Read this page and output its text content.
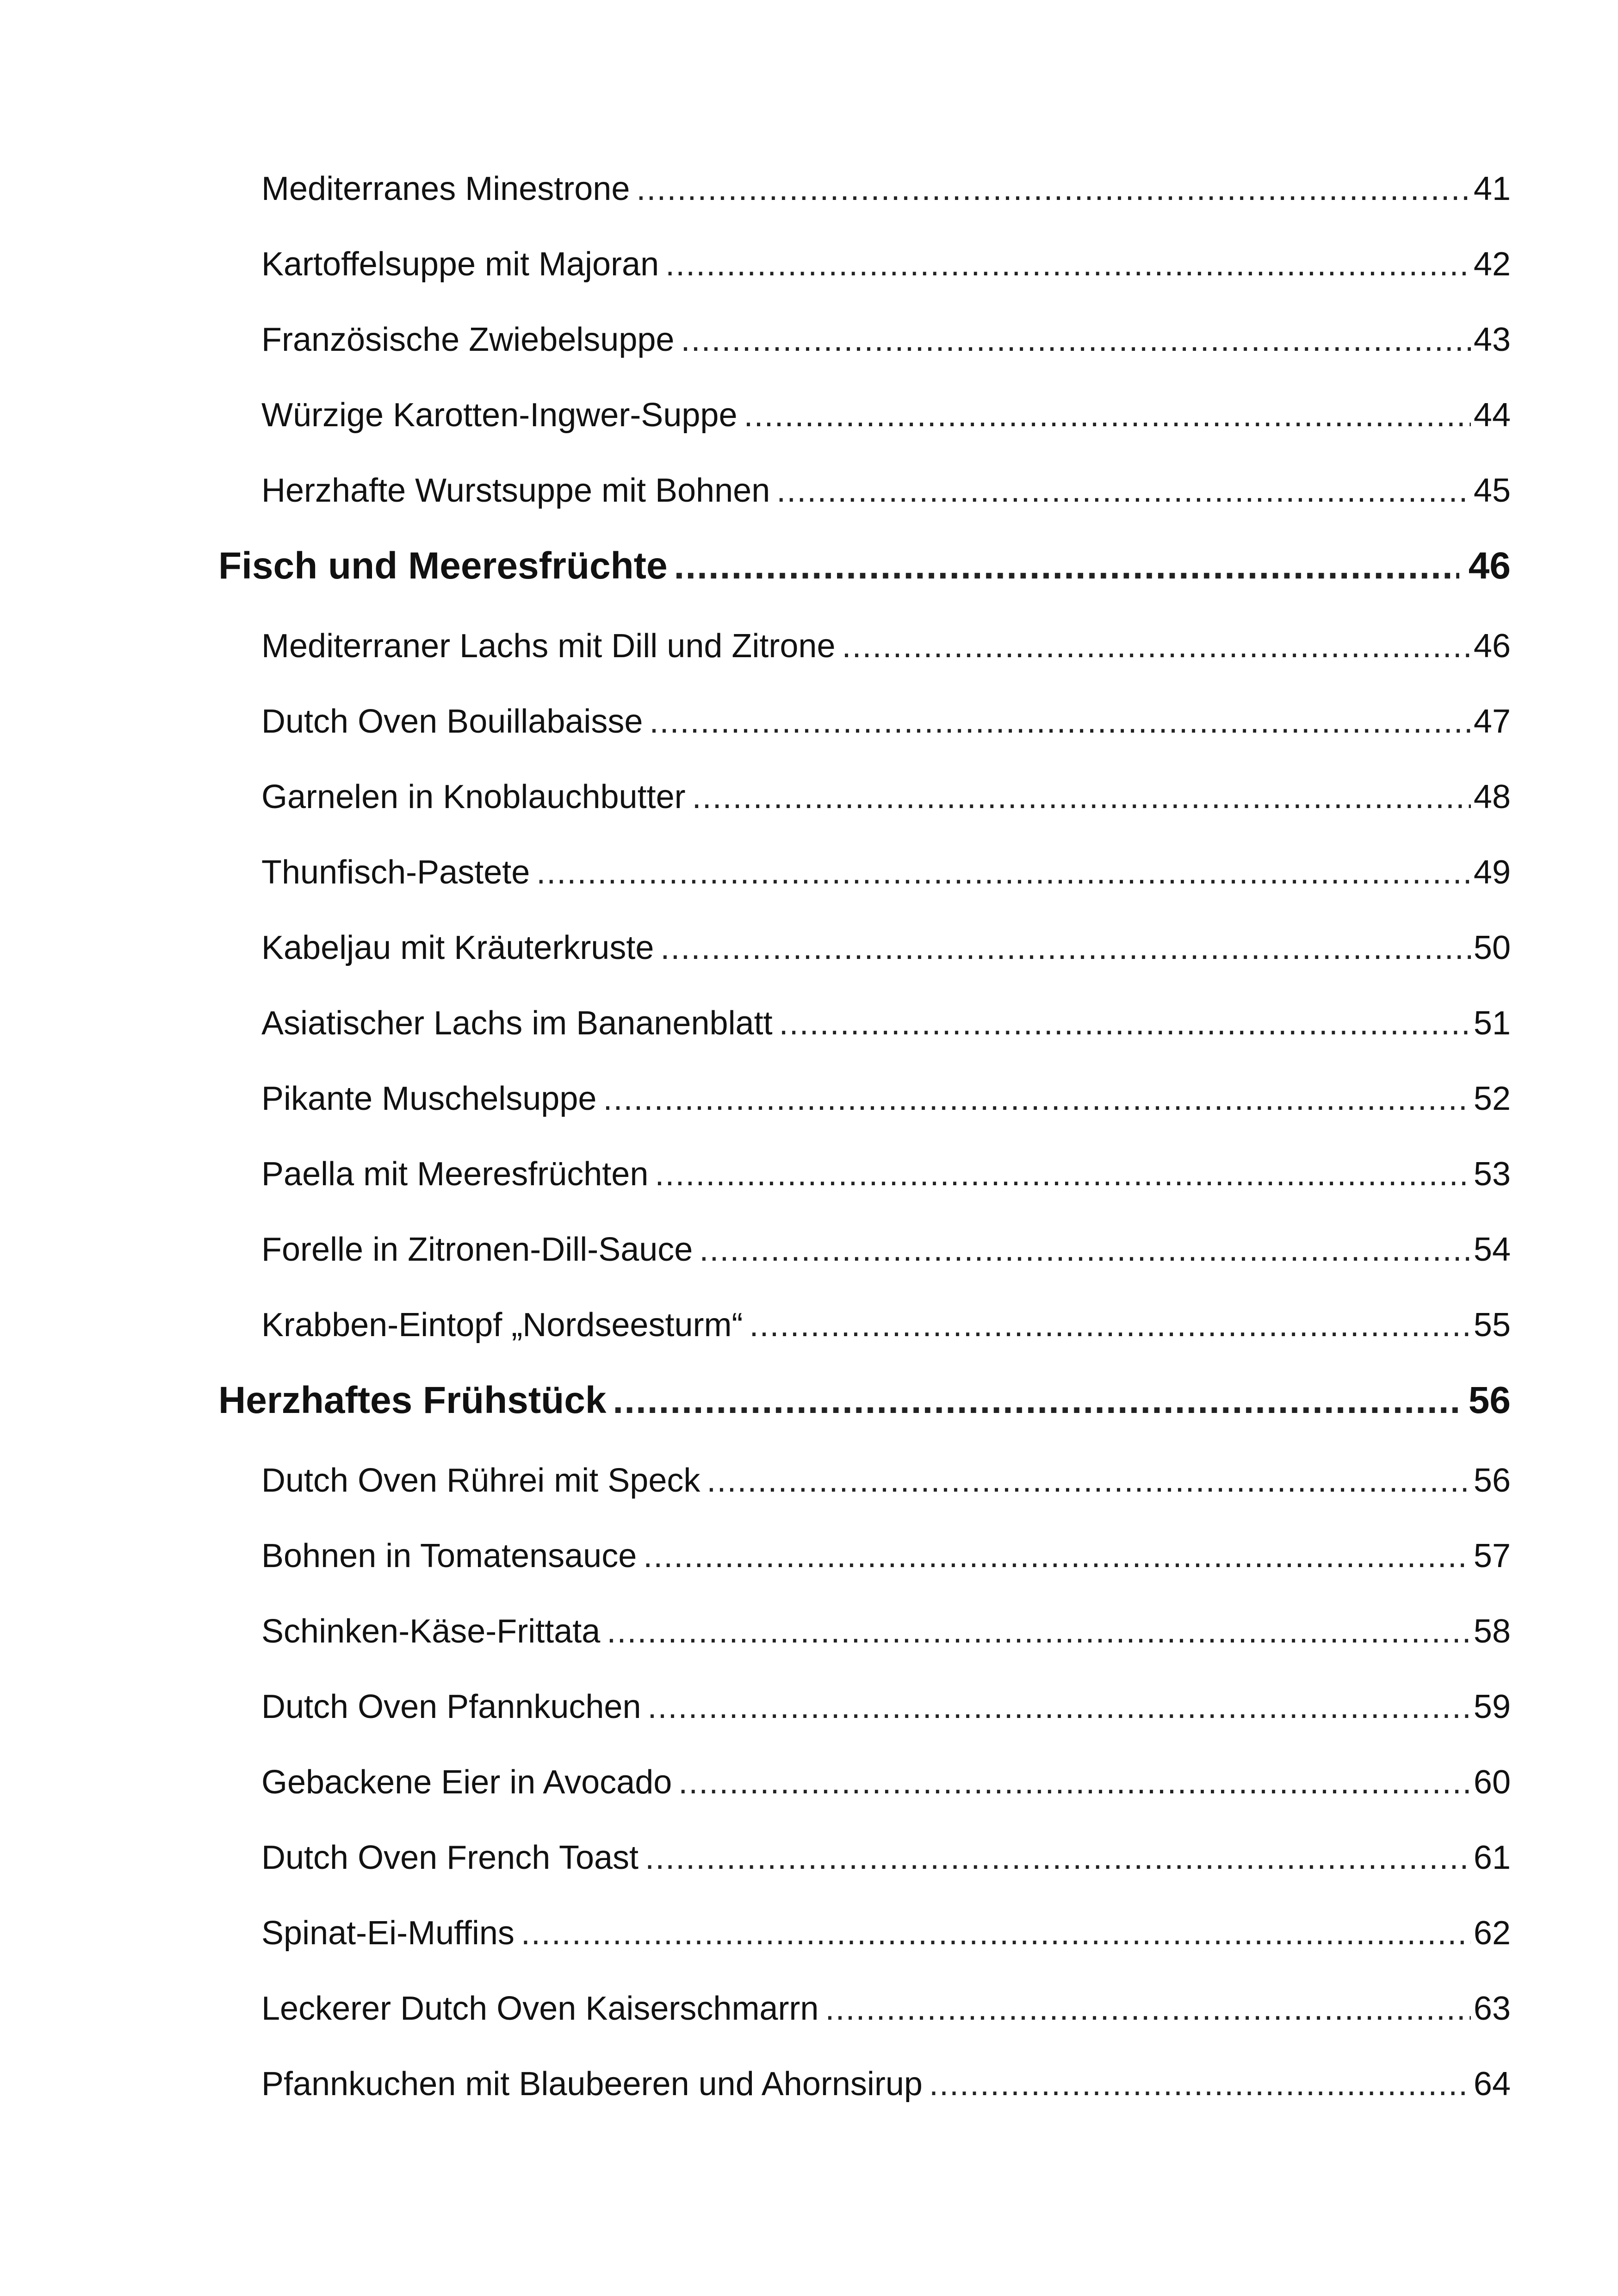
Mediterranes Minestrone .....	41
Kartoffelsuppe mit Majoran .....	42
Französische Zwiebelsuppe .....	43
Würzige Karotten-Ingwer-Suppe .....	44
Herzhafte Wurstsuppe mit Bohnen .....	45
Fisch und Meeresfrüchte .....	46
Mediterraner Lachs mit Dill und Zitrone .....	46
Dutch Oven Bouillabaisse .....	47
Garnelen in Knoblauchbutter .....	48
Thunfisch-Pastete .....	49
Kabeljau mit Kräuterkruste .....	50
Asiatischer Lachs im Bananenblatt .....	51
Pikante Muschelsuppe .....	52
Paella mit Meeresfrüchten .....	53
Forelle in Zitronen-Dill-Sauce .....	54
Krabben-Eintopf „Nordseesturm“ .....	55
Herzhaftes Frühstück .....	56
Dutch Oven Rührei mit Speck .....	56
Bohnen in Tomatensauce .....	57
Schinken-Käse-Frittata .....	58
Dutch Oven Pfannkuchen .....	59
Gebackene Eier in Avocado .....	60
Dutch Oven French Toast .....	61
Spinat-Ei-Muffins .....	62
Leckerer Dutch Oven Kaiserschmarrn .....	63
Pfannkuchen mit Blaubeeren und Ahornsirup .....	64
